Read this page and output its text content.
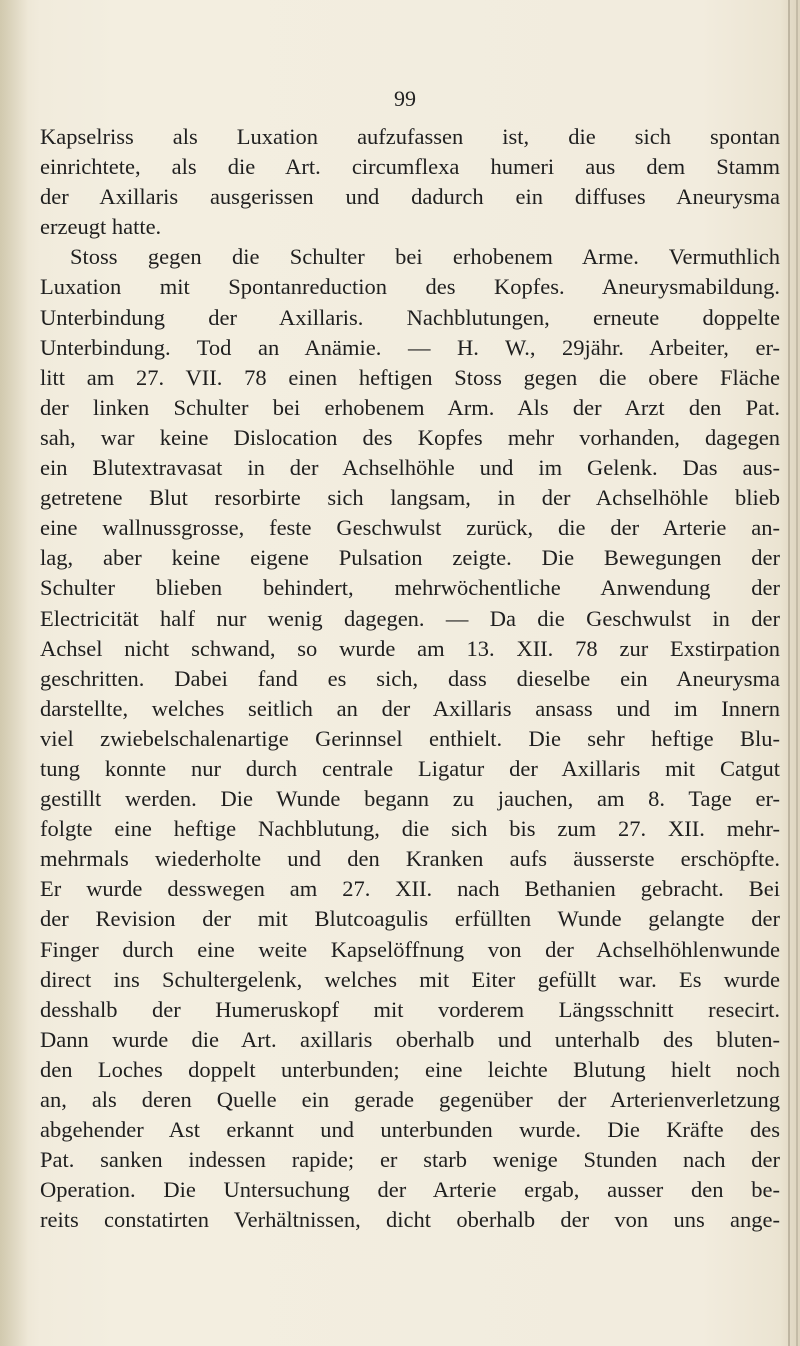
99
Kapselriss als Luxation aufzufassen ist, die sich spontan
einrichtete, als die Art. circumflexa humeri aus dem Stamm
der Axillaris ausgerissen und dadurch ein diffuses Aneurysma
erzeugt hatte.
Stoss gegen die Schulter bei erhobenem Arme. Vermuthlich
Luxation mit Spontanreduction des Kopfes. Aneurysmabildung.
Unterbindung der Axillaris. Nachblutungen, erneute doppelte
Unterbindung. Tod an Anämie. — H. W., 29jähr. Arbeiter, er-
litt am 27. VII. 78 einen heftigen Stoss gegen die obere Fläche
der linken Schulter bei erhobenem Arm. Als der Arzt den Pat.
sah, war keine Dislocation des Kopfes mehr vorhanden, dagegen
ein Blutextravasat in der Achselhöhle und im Gelenk. Das aus-
getretene Blut resorbirte sich langsam, in der Achselhöhle blieb
eine wallnussgrosse, feste Geschwulst zurück, die der Arterie an-
lag, aber keine eigene Pulsation zeigte. Die Bewegungen der
Schulter blieben behindert, mehrwöchentliche Anwendung der
Electricität half nur wenig dagegen. — Da die Geschwulst in der
Achsel nicht schwand, so wurde am 13. XII. 78 zur Exstirpation
geschritten. Dabei fand es sich, dass dieselbe ein Aneurysma
darstellte, welches seitlich an der Axillaris ansass und im Innern
viel zwiebelschalenartige Gerinnsel enthielt. Die sehr heftige Blu-
tung konnte nur durch centrale Ligatur der Axillaris mit Catgut
gestillt werden. Die Wunde begann zu jauchen, am 8. Tage er-
folgte eine heftige Nachblutung, die sich bis zum 27. XII. mehr-
mehrmals wiederholte und den Kranken aufs äusserste erschöpfte.
Er wurde desswegen am 27. XII. nach Bethanien gebracht. Bei
der Revision der mit Blutcoagulis erfüllten Wunde gelangte der
Finger durch eine weite Kapselöffnung von der Achselhöhlenwunde
direct ins Schultergelenk, welches mit Eiter gefüllt war. Es wurde
desshalb der Humeruskopf mit vorderem Längsschnitt resecirt.
Dann wurde die Art. axillaris oberhalb und unterhalb des bluten-
den Loches doppelt unterbunden; eine leichte Blutung hielt noch
an, als deren Quelle ein gerade gegenüber der Arterienverletzung
abgehender Ast erkannt und unterbunden wurde. Die Kräfte des
Pat. sanken indessen rapide; er starb wenige Stunden nach der
Operation. Die Untersuchung der Arterie ergab, ausser den be-
reits constatirten Verhältnissen, dicht oberhalb der von uns ange-
